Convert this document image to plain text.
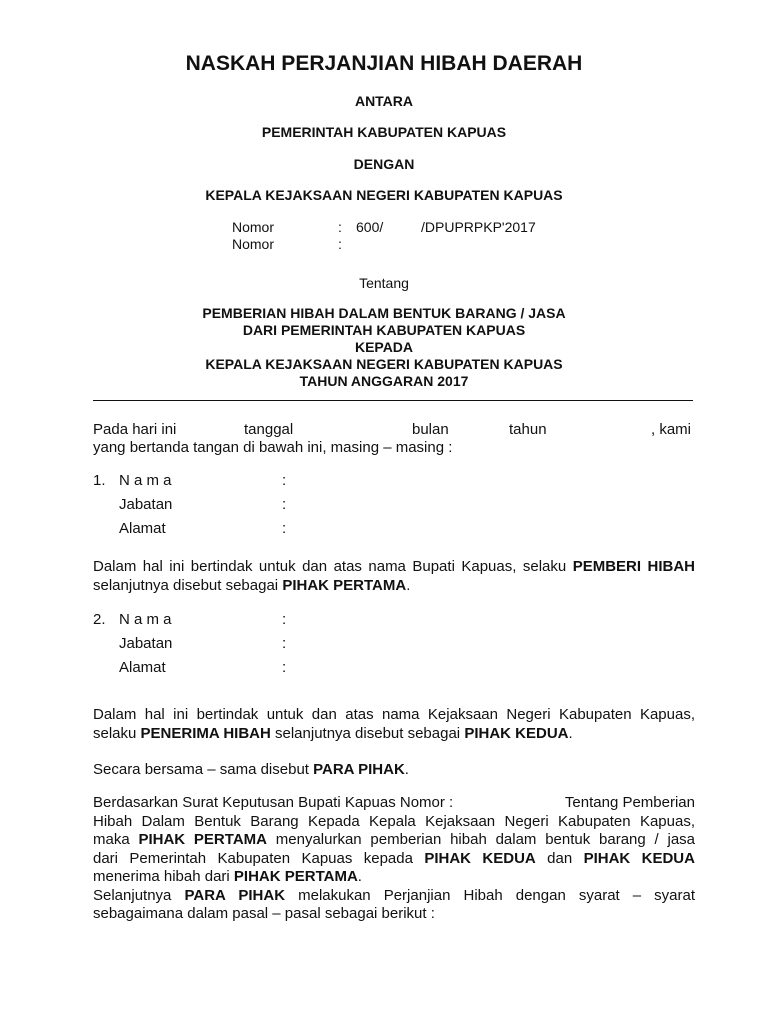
NASKAH PERJANJIAN HIBAH DAERAH
ANTARA
PEMERINTAH KABUPATEN KAPUAS
DENGAN
KEPALA KEJAKSAAN NEGERI KABUPATEN KAPUAS
Nomor	: 600/	/DPUPRPKP'2017
Nomor	:
Tentang
PEMBERIAN HIBAH DALAM BENTUK BARANG / JASA
DARI PEMERINTAH KABUPATEN KAPUAS
KEPADA
KEPALA KEJAKSAAN NEGERI KABUPATEN KAPUAS
TAHUN ANGGARAN 2017
Pada hari ini	tanggal	bulan	tahun	, kami
yang bertanda tangan di bawah ini, masing – masing :
1. N a m a	:
Jabatan	:
Alamat	:
Dalam hal ini bertindak untuk dan atas nama Bupati Kapuas, selaku PEMBERI HIBAH
selanjutnya disebut sebagai PIHAK PERTAMA.
2. N a m a	:
Jabatan	:
Alamat	:
Dalam hal ini bertindak untuk dan atas nama Kejaksaan Negeri Kabupaten Kapuas,
selaku PENERIMA HIBAH selanjutnya disebut sebagai PIHAK KEDUA.
Secara bersama – sama disebut PARA PIHAK.
Berdasarkan Surat Keputusan Bupati Kapuas Nomor :	Tentang Pemberian
Hibah Dalam Bentuk Barang Kepada Kepala Kejaksaan Negeri Kabupaten Kapuas,
maka PIHAK PERTAMA menyalurkan pemberian hibah dalam bentuk barang / jasa
dari Pemerintah Kabupaten Kapuas kepada PIHAK KEDUA dan PIHAK KEDUA
menerima hibah dari PIHAK PERTAMA.
Selanjutnya PARA PIHAK melakukan Perjanjian Hibah dengan syarat – syarat
sebagaimana dalam pasal – pasal sebagai berikut :
